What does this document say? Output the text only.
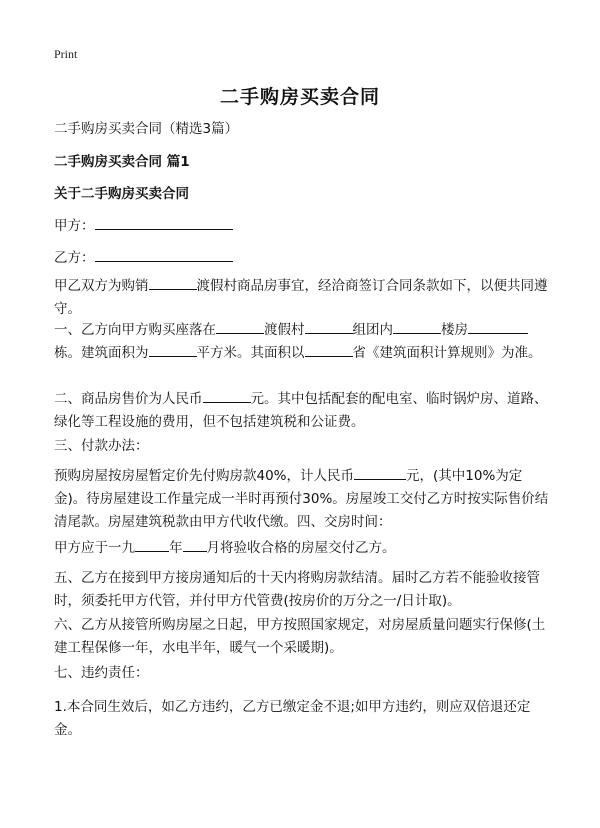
Print
二手购房买卖合同
二手购房买卖合同（精选3篇）
二手购房买卖合同 篇1
关于二手购房买卖合同
甲方：
乙方：
甲乙双方为购销	渡假村商品房事宜，经洽商签订合同条款如下，以便共同遵守。
一、乙方向甲方购买座落在	渡假村	组团内	楼房栋。建筑面积为	平方米。其面积以	省《建筑面积计算规则》为准。
二、商品房售价为人民币	元。其中包括配套的配电室、临时锅炉房、道路、绿化等工程设施的费用，但不包括建筑税和公证费。
三、付款办法：
预购房屋按房屋暂定价先付购房款40%，计人民币	元，(其中10%为定金)。待房屋建设工作量完成一半时再预付30%。房屋竣工交付乙方时按实际售价结清尾款。房屋建筑税款由甲方代收代缴。四、交房时间：
甲方应于一九	年 月将验收合格的房屋交付乙方。
五、乙方在接到甲方接房通知后的十天内将购房款结清。届时乙方若不能验收接管时，须委托甲方代管，并付甲方代管费(按房价的万分之一/日计取)。
六、乙方从接管所购房屋之日起，甲方按照国家规定，对房屋质量问题实行保修(土建工程保修一年，水电半年，暖气一个采暖期)。
七、违约责任：
1.本合同生效后，如乙方违约，乙方已缴定金不退;如甲方违约，则应双倍退还定金。
